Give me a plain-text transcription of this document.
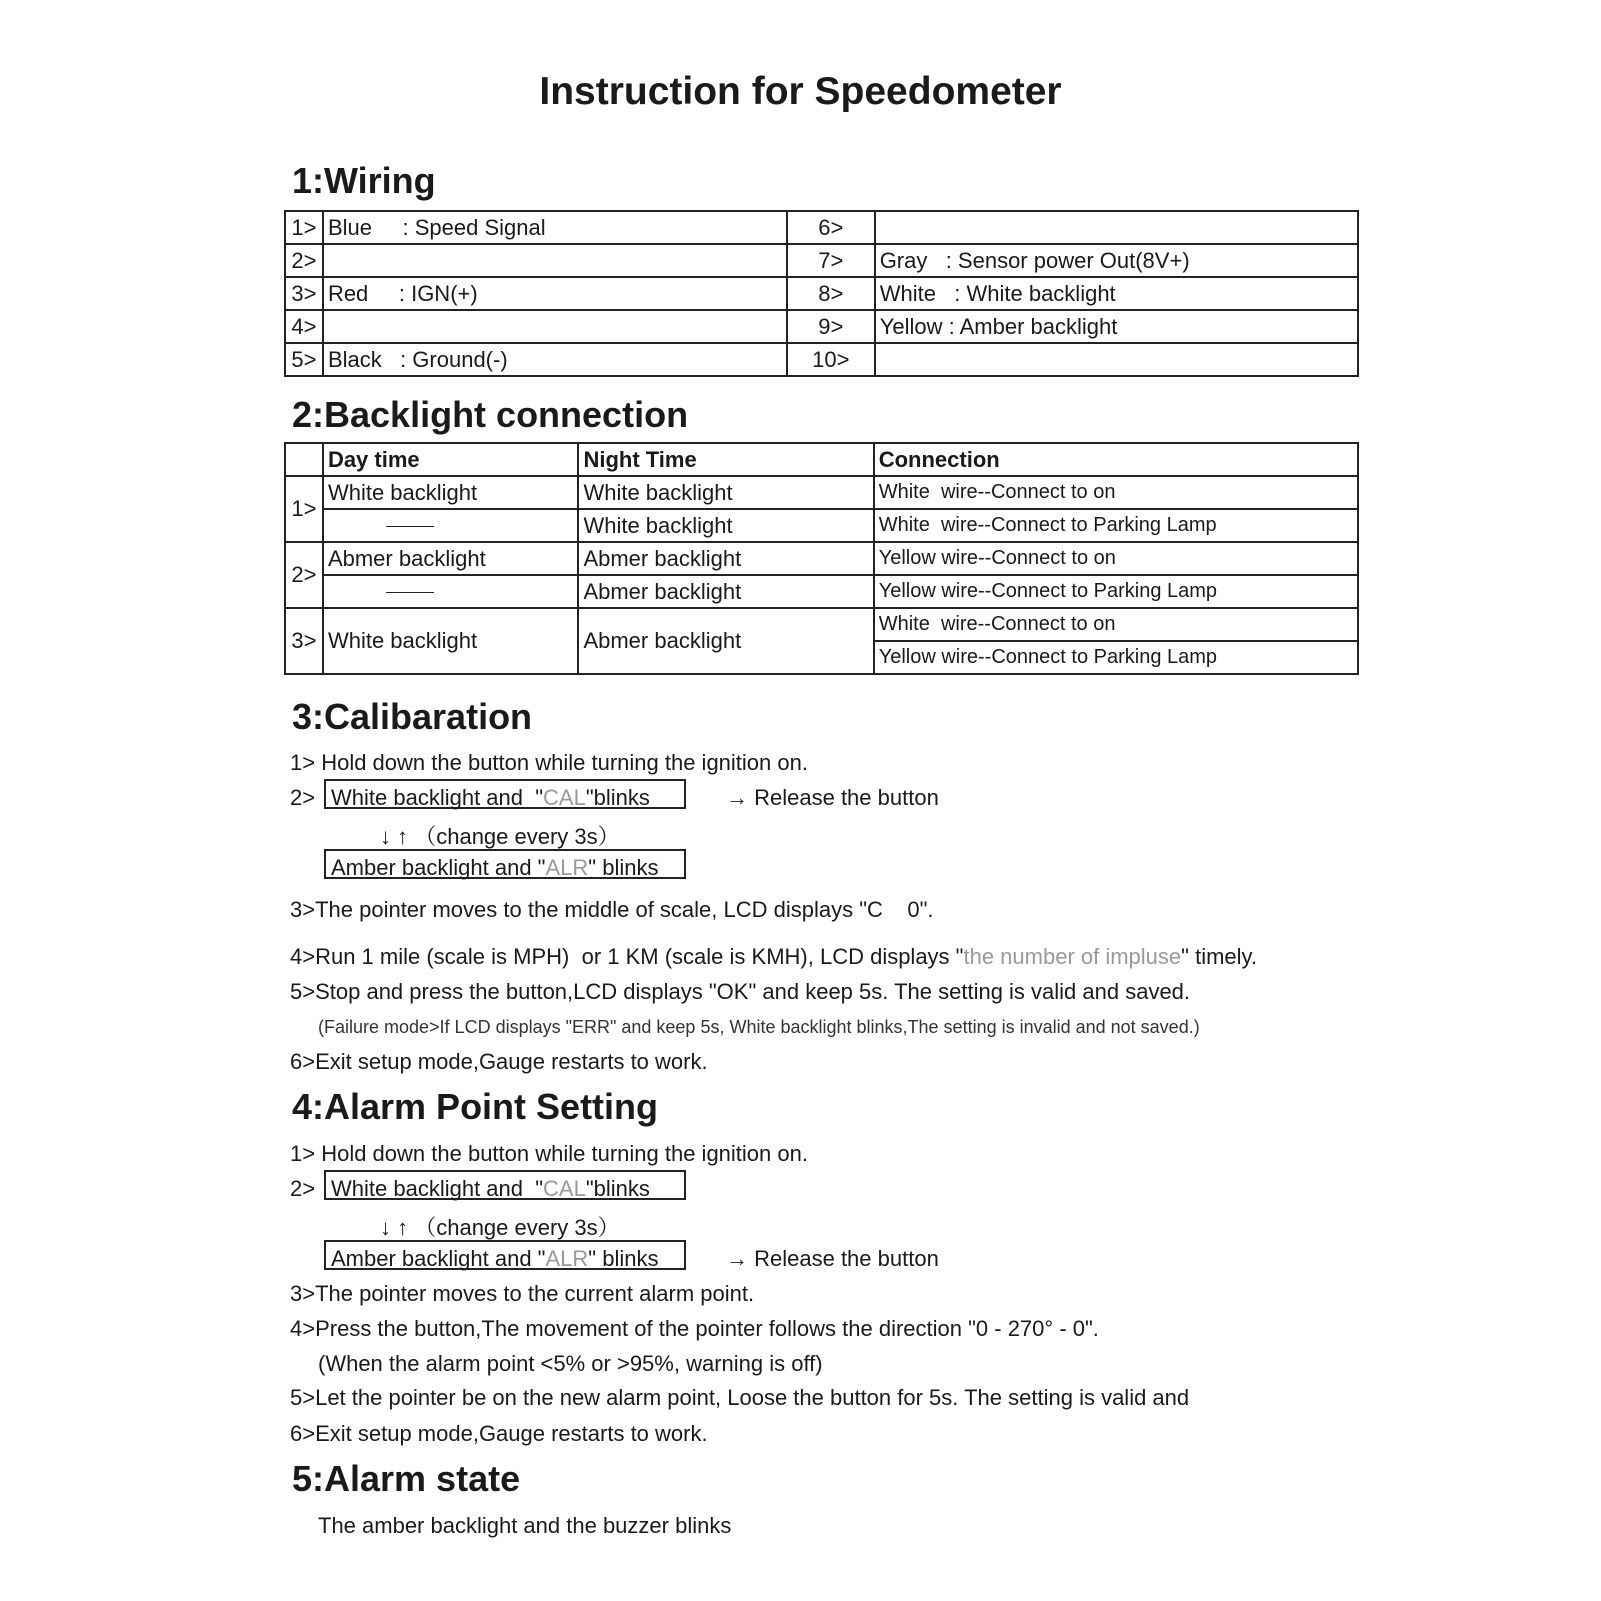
Instruction for Speedometer
1:Wiring
1>	Blue     : Speed Signal	6>	
2>		7>	Gray   : Sensor power Out(8V+)
3>	Red     : IGN(+)	8>	White   : White backlight
4>		9>	Yellow : Amber backlight
5>	Black   : Ground(-)	10>	
2:Backlight connection
	Day time	Night Time	Connection
1>	White backlight	White backlight	White  wire--Connect to on
		White backlight	White  wire--Connect to Parking Lamp
2>	Abmer backlight	Abmer backlight	Yellow wire--Connect to on
		Abmer backlight	Yellow wire--Connect to Parking Lamp
3>	White backlight	Abmer backlight	White  wire--Connect to on
			Yellow wire--Connect to Parking Lamp
3:Calibaration
1> Hold down the button while turning the ignition on.
2> White backlight and  "CAL"blinks	→ Release the button
↓ ↑ （change every 3s）
Amber backlight and "ALR" blinks
3>The pointer moves to the middle of scale, LCD displays "C    0".
4>Run 1 mile (scale is MPH)  or 1 KM (scale is KMH), LCD displays "the number of impluse" timely.
5>Stop and press the button,LCD displays "OK" and keep 5s. The setting is valid and saved.
(Failure mode>If LCD displays "ERR" and keep 5s, White backlight blinks,The setting is invalid and not saved.)
6>Exit setup mode,Gauge restarts to work.
4:Alarm Point Setting
1> Hold down the button while turning the ignition on.
2> White backlight and  "CAL"blinks
↓ ↑ （change every 3s）
Amber backlight and "ALR" blinks	→ Release the button
3>The pointer moves to the current alarm point.
4>Press the button,The movement of the pointer follows the direction "0 - 270° - 0".
(When the alarm point <5% or >95%, warning is off)
5>Let the pointer be on the new alarm point, Loose the button for 5s. The setting is valid and
6>Exit setup mode,Gauge restarts to work.
5:Alarm state
The amber backlight and the buzzer blinks
